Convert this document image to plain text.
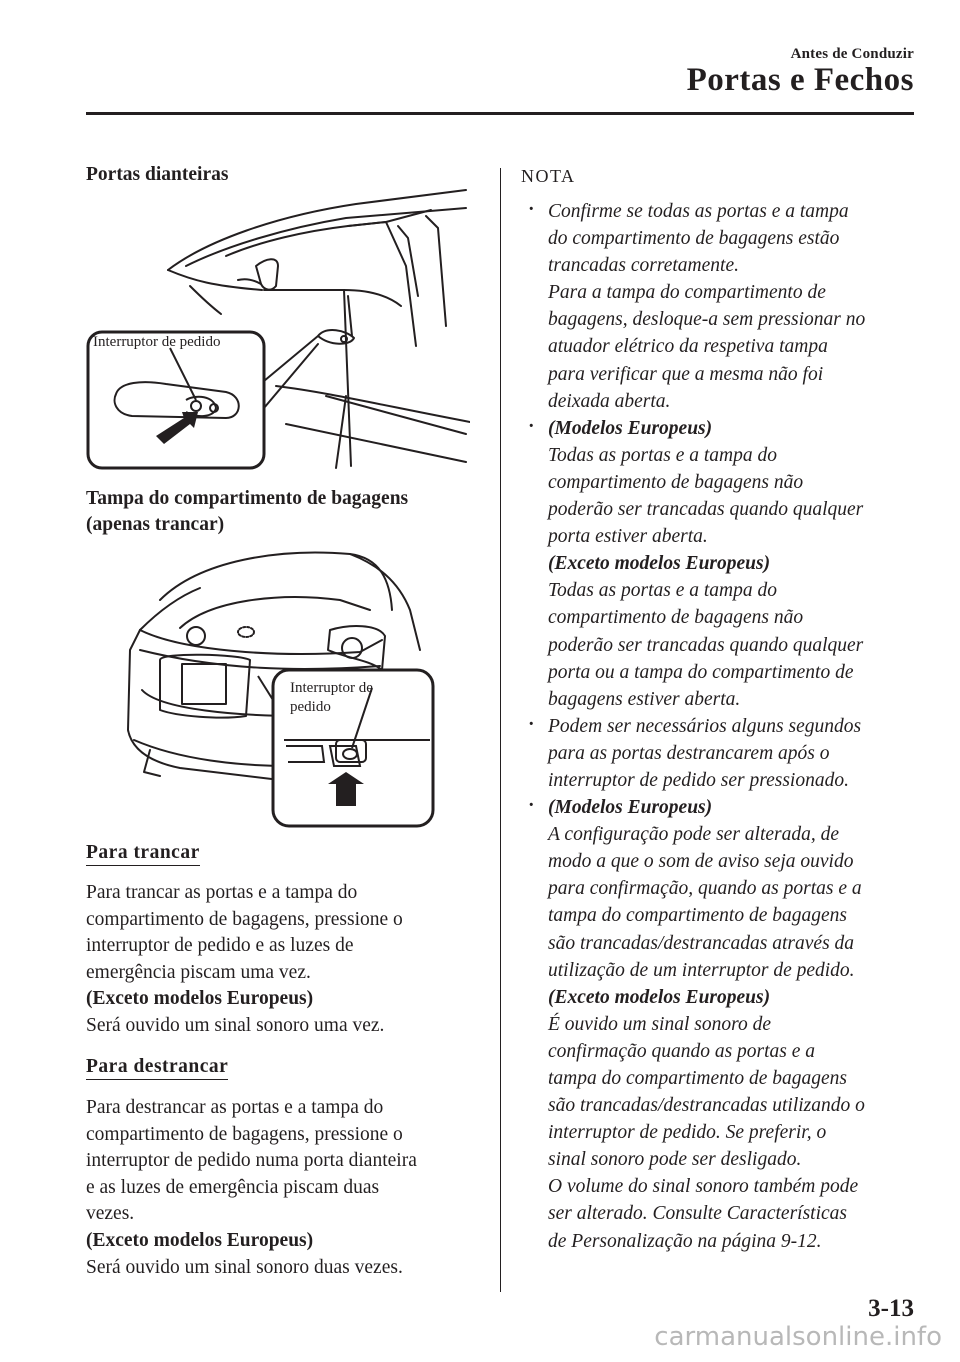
Antes de Conduzir
Portas e Fechos
Portas dianteiras
Interruptor de pedido
Tampa do compartimento de bagagens
(apenas trancar)
Interruptor de
pedido
Para trancar
Para trancar as portas e a tampa do
compartimento de bagagens, pressione o
interruptor de pedido e as luzes de
emergência piscam uma vez.
(Exceto modelos Europeus)
Será ouvido um sinal sonoro uma vez.
Para destrancar
Para destrancar as portas e a tampa do
compartimento de bagagens, pressione o
interruptor de pedido numa porta dianteira
e as luzes de emergência piscam duas
vezes.
(Exceto modelos Europeus)
Será ouvido um sinal sonoro duas vezes.
NOTA
· Confirme se todas as portas e a tampa
do compartimento de bagagens estão
trancadas corretamente.
Para a tampa do compartimento de
bagagens, desloque-a sem pressionar no
atuador elétrico da respetiva tampa
para verificar que a mesma não foi
deixada aberta.
· (Modelos Europeus)
Todas as portas e a tampa do
compartimento de bagagens não
poderão ser trancadas quando qualquer
porta estiver aberta.
(Exceto modelos Europeus)
Todas as portas e a tampa do
compartimento de bagagens não
poderão ser trancadas quando qualquer
porta ou a tampa do compartimento de
bagagens estiver aberta.
· Podem ser necessários alguns segundos
para as portas destrancarem após o
interruptor de pedido ser pressionado.
· (Modelos Europeus)
A configuração pode ser alterada, de
modo a que o som de aviso seja ouvido
para confirmação, quando as portas e a
tampa do compartimento de bagagens
são trancadas/destrancadas através da
utilização de um interruptor de pedido.
(Exceto modelos Europeus)
É ouvido um sinal sonoro de
confirmação quando as portas e a
tampa do compartimento de bagagens
são trancadas/destrancadas utilizando o
interruptor de pedido. Se preferir, o
sinal sonoro pode ser desligado.
O volume do sinal sonoro também pode
ser alterado. Consulte Características
de Personalização na página 9-12.
3-13
carmanualsonline.info
